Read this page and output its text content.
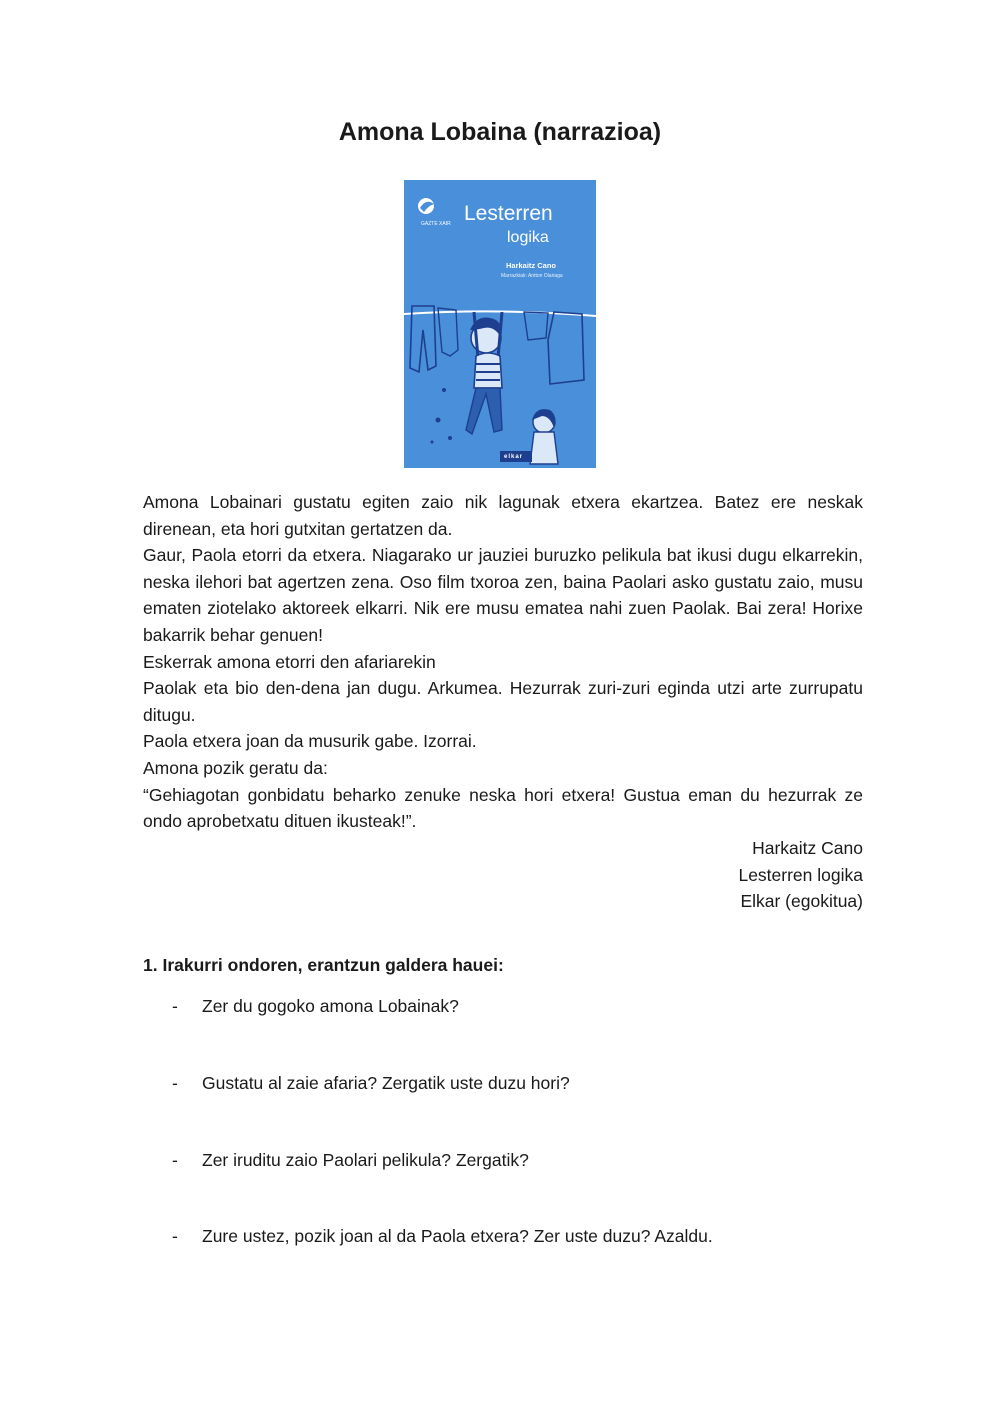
Amona Lobaina (narrazioa)
GAZTE XAIR Lesterren
logika
Harkaitz Cano
Marrazkiak: Antton Olariaga
elkar

Amona Lobainari gustatu egiten zaio nik lagunak etxera ekartzea. Batez ere neskak direnean, eta hori gutxitan gertatzen da.

Gaur, Paola etorri da etxera. Niagarako ur jauziei buruzko pelikula bat ikusi dugu elkarrekin, neska ilehori bat agertzen zena. Oso film txoroa zen, baina Paolari asko gustatu zaio, musu ematen ziotelako aktoreek elkarri. Nik ere musu ematea nahi zuen Paolak. Bai zera! Horixe bakarrik behar genuen!

Eskerrak amona etorri den afariarekin

Paolak eta bio den-dena jan dugu. Arkumea. Hezurrak zuri-zuri eginda utzi arte zurrupatu ditugu.

Paola etxera joan da musurik gabe. Izorrai.

Amona pozik geratu da:

“Gehiagotan gonbidatu beharko zenuke neska hori etxera! Gustua eman du hezurrak ze ondo aprobetxatu dituen ikusteak!”.

Harkaitz Cano
Lesterren logika
Elkar (egokitua)
1. Irakurri ondoren, erantzun galdera hauei:
- Zer du gogoko amona Lobainak?
- Gustatu al zaie afaria? Zergatik uste duzu hori?
- Zer iruditu zaio Paolari pelikula? Zergatik?
- Zure ustez, pozik joan al da Paola etxera? Zer uste duzu? Azaldu.
